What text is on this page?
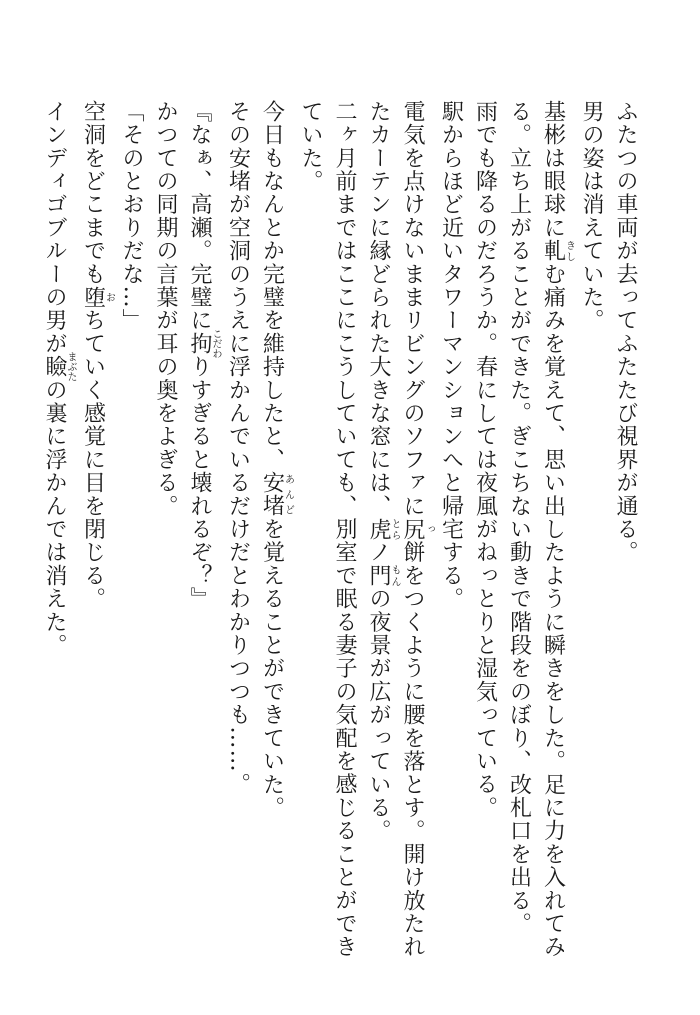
ふたつの車両が去ってふたたび視界が通る。

男の姿は消えていた。

基彬は眼球に軋きしむ痛みを覚えて、思い出したように瞬きをした。足に力を入れてみる。立ち上がることができた。ぎこちない動きで階段をのぼり、改札口を出る。

雨でも降るのだろうか。春にしては夜風がねっとりと湿気っている。

駅からほど近いタワーマンションへと帰宅する。

電気を点けないままリビングのソファに尻っ餅をつくように腰を落とす。開け放たれたカーテンに縁どられた大きな窓には、虎とらノ門もんの夜景が広がっている。

二ヶ月前まではここにこうしていても、別室で眠る妻子の気配を感じることができていた。

今日もなんとか完璧を維持したと、安堵あんどを覚えることができていた。

その安堵が空洞のうえに浮かんでいるだけだとわかりつつも……。

『なぁ、高瀬。完璧に拘こだわりすぎると壊れるぞ？』

かつての同期の言葉が耳の奥をよぎる。

「そのとおりだな…」

空洞をどこまでも堕おちていく感覚に目を閉じる。

インディゴブルーの男が瞼まぶたの裏に浮かんでは消えた。
